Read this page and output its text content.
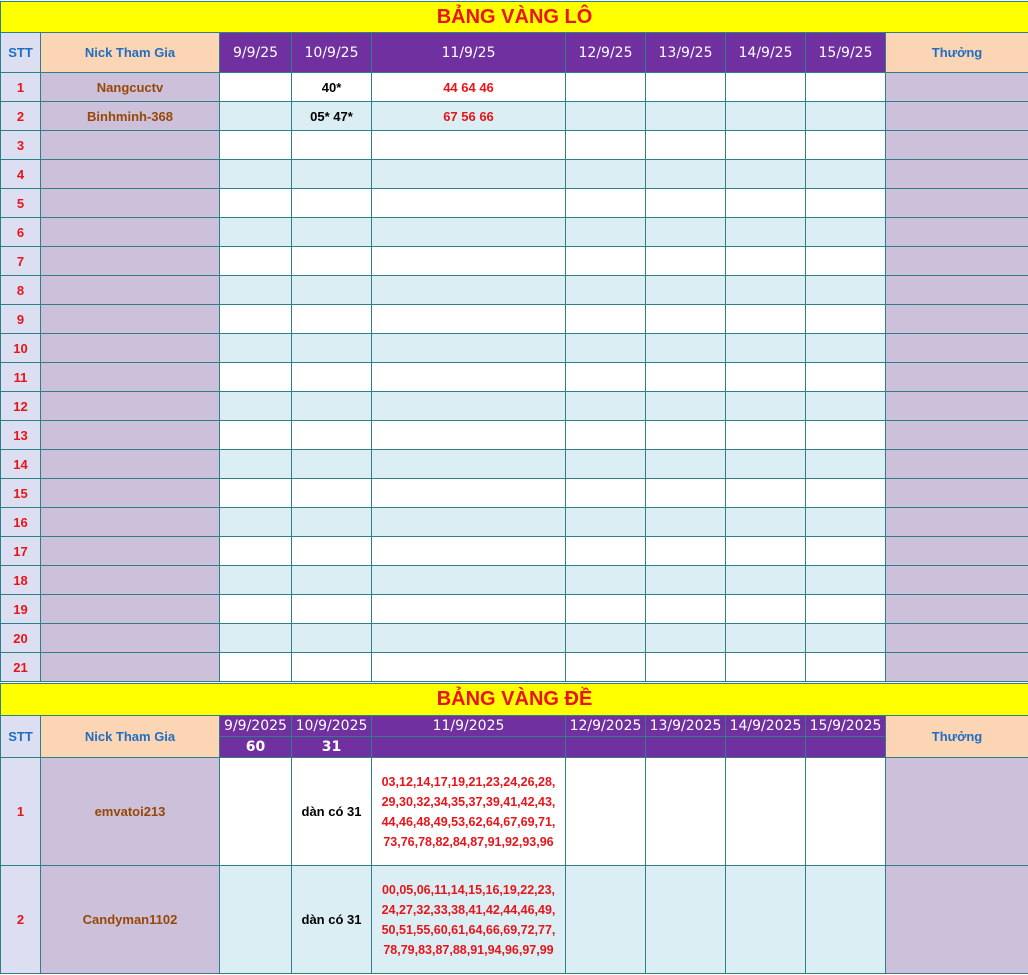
BẢNG VÀNG LÔ									
STT	Nick Tham Gia	9/9/25	10/9/25	11/9/25	12/9/25	13/9/25	14/9/25	15/9/25	Thưởng
1	Nangcuctv		40*	44 64 46					
2	Binhminh-368		05* 47*	67 56 66					
3									
4									
5									
6									
7									
8									
9									
10									
11									
12									
13									
14									
15									
16									
17									
18									
19									
20									
21									
BẢNG VÀNG ĐỀ									
STT	Nick Tham Gia	9/9/2025	10/9/2025	11/9/2025	12/9/2025	13/9/2025	14/9/2025	15/9/2025	Thưởng
		60	31						
1	emvatoi213		dàn có 31	03,12,14,17,19,21,23,24,26,28,
29,30,32,34,35,37,39,41,42,43,
44,46,48,49,53,62,64,67,69,71,
73,76,78,82,84,87,91,92,93,96					

2	Candyman1102		dàn có 31	00,05,06,11,14,15,16,19,22,23,
24,27,32,33,38,41,42,44,46,49,
50,51,55,60,61,64,66,69,72,77,
78,79,83,87,88,91,94,96,97,99					
